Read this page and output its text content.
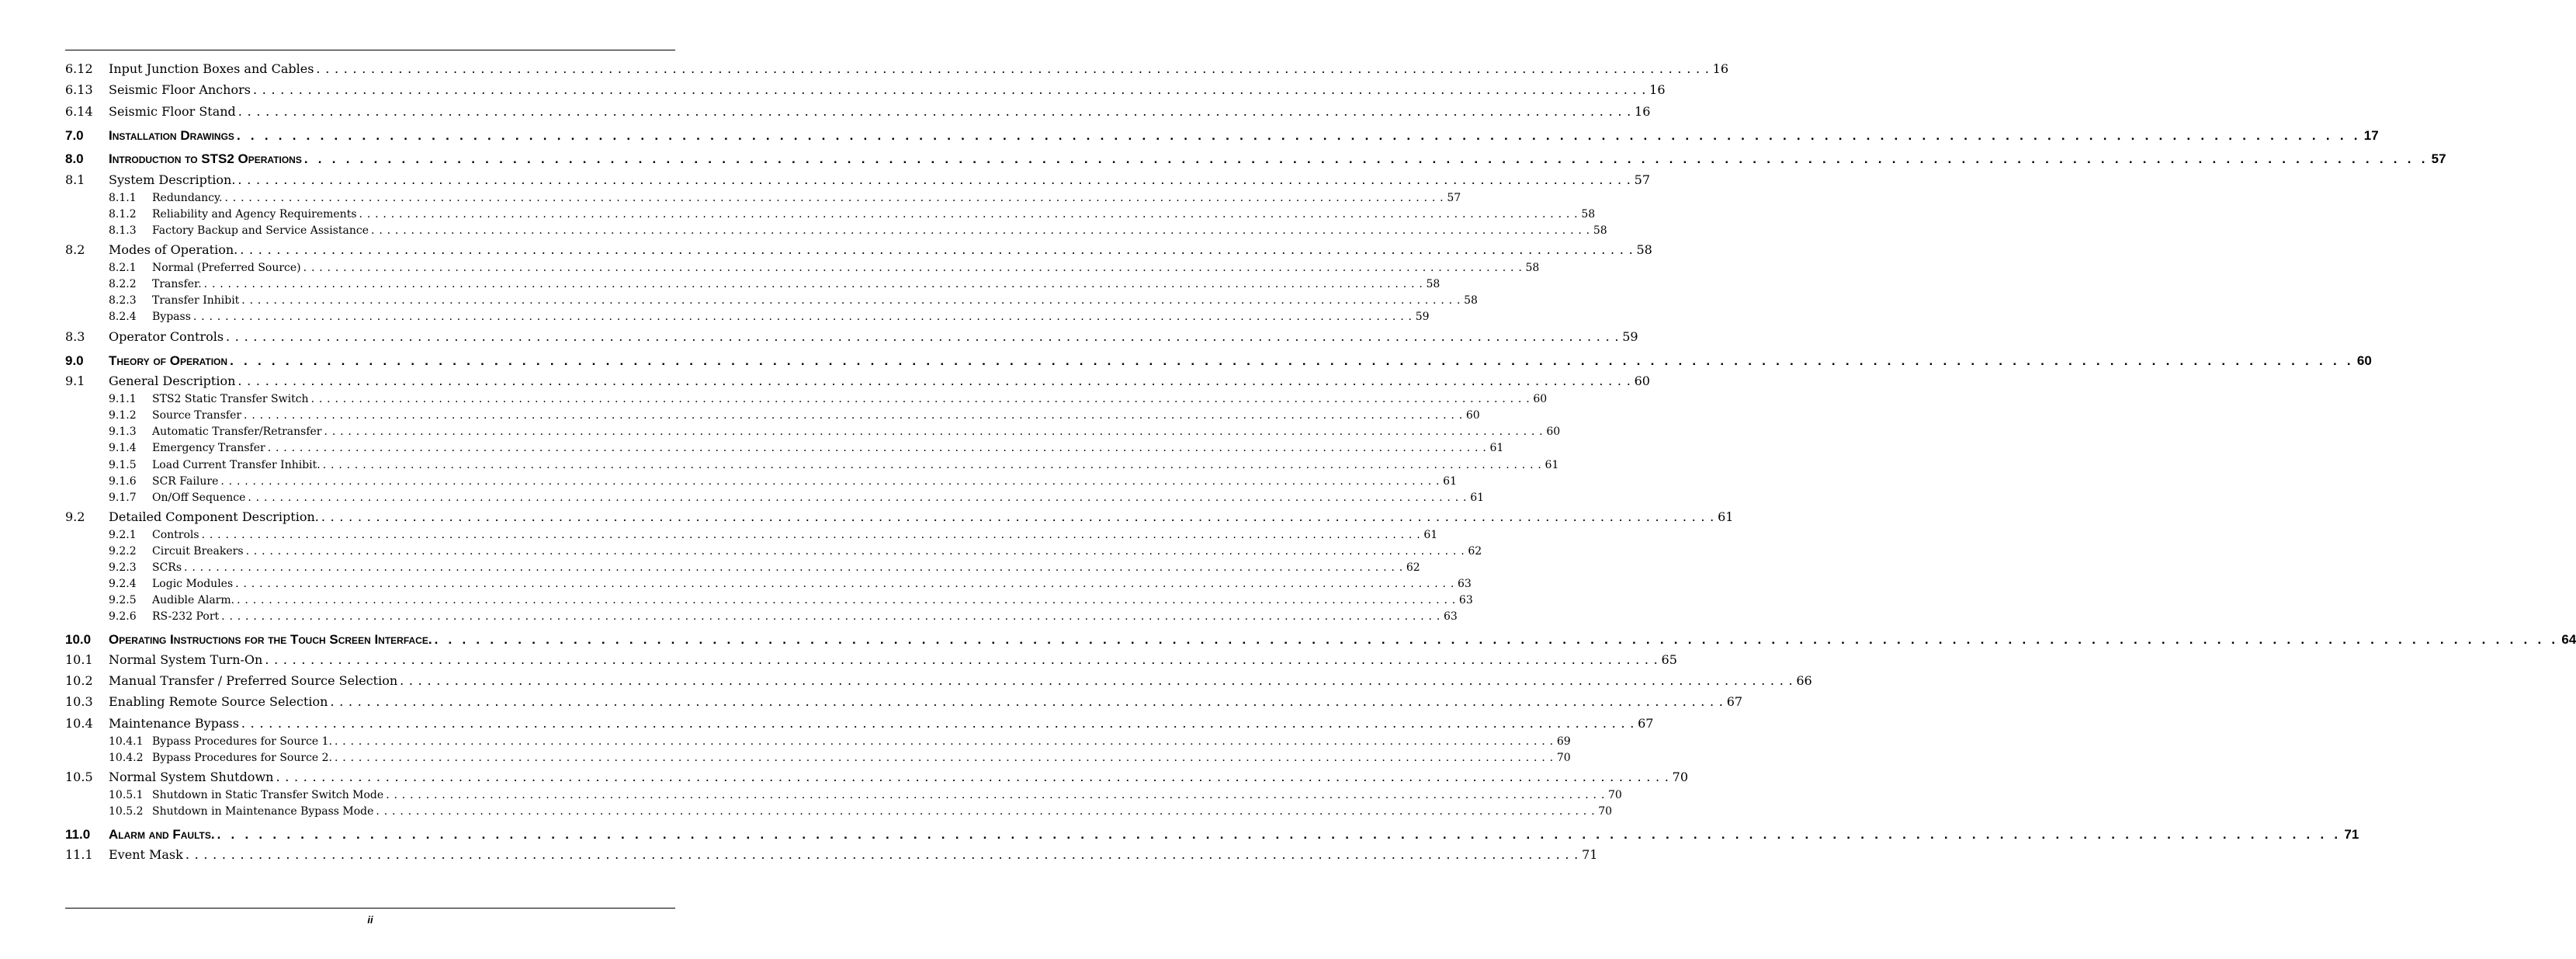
6.12 Input Junction Boxes and Cables . . . . . . . . . . . . . . . . . . . . . . . . . . . . . . . . . . . . . . . . . . . . . . . . . . . . . . . . . . . . . . . . . . . . . . . . . . . . . . . . . . . . . . . . . . . . . . . . . . . . . . . . . . . . . . . . . . . . . . . . . . . . . . . . . . . . . . . . . . . . . . . . . . . . . . . . . 16
6.13 Seismic Floor Anchors . . . . . . . . . . . . . . . . . . . . . . . . . . . . . . . . . . . . . . . . . . . . . . . . . . . . . . . . . . . . . . . . . . . . . . . . . . . . . . . . . . . . . . . . . . . . . . . . . . . . . . . . . . . . . . . . . . . . . . . . . . . . . . . . . . . . . . . . . . . . . . . . . . . . . . . . . 16
6.14 Seismic Floor Stand . . . . . . . . . . . . . . . . . . . . . . . . . . . . . . . . . . . . . . . . . . . . . . . . . . . . . . . . . . . . . . . . . . . . . . . . . . . . . . . . . . . . . . . . . . . . . . . . . . . . . . . . . . . . . . . . . . . . . . . . . . . . . . . . . . . . . . . . . . . . . . . . . . . . . . . . . 16
7.0 Installation Drawings . . . . . . . . . . . . . . . . . . . . . . . . . . . . . . . . . . . . . . . . . . . . . . . . . . . . . . . . . . . . . . . . . . . . . . . . . . . . . . . . . . . . . . . . . . . . . . . . . . . . . . . . . . . . . . . . . . . . . . . . . . . . . . . . . . . . . . . . . . . . . . . . . . . . . . . . . 17
8.0 Introduction to STS2 Operations . . . . . . . . . . . . . . . . . . . . . . . . . . . . . . . . . . . . . . . . . . . . . . . . . . . . . . . . . . . . . . . . . . . . . . . . . . . . . . . . . . . . . . . . . . . . . . . . . . . . . . . . . . . . . . . . . . . . . . . . . . . . . . . . . . . . . . . . . . . . . . . . . . . . . . . . . 57
8.1 System Description. . . . . . . . . . . . . . . . . . . . . . . . . . . . . . . . . . . . . . . . . . . . . . . . . . . . . . . . . . . . . . . . . . . . . . . . . . . . . . . . . . . . . . . . . . . . . . . . . . . . . . . . . . . . . . . . . . . . . . . . . . . . . . . . . . . . . . . . . . . . . . . . . . . . . . . . . . 57
8.1.1 Redundancy. . . . . . . . . . . . . . . . . . . . . . . . . . . . . . . . . . . . . . . . . . . . . . . . . . . . . . . . . . . . . . . . . . . . . . . . . . . . . . . . . . . . . . . . . . . . . . . . . . . . . . . . . . . . . . . . . . . . . . . . . . . . . . . . . . . . . . . . . . . . . . . . . . . . . . . . . . 57
8.1.2 Reliability and Agency Requirements . . . . . . . . . . . . . . . . . . . . . . . . . . . . . . . . . . . . . . . . . . . . . . . . . . . . . . . . . . . . . . . . . . . . . . . . . . . . . . . . . . . . . . . . . . . . . . . . . . . . . . . . . . . . . . . . . . . . . . . . . . . . . . . . . . . . . . . . . . . . . . . . . . . . . . . . . 58
8.1.3 Factory Backup and Service Assistance . . . . . . . . . . . . . . . . . . . . . . . . . . . . . . . . . . . . . . . . . . . . . . . . . . . . . . . . . . . . . . . . . . . . . . . . . . . . . . . . . . . . . . . . . . . . . . . . . . . . . . . . . . . . . . . . . . . . . . . . . . . . . . . . . . . . . . . . . . . . . . . . . . . . . . . . . 58
8.2 Modes of Operation. . . . . . . . . . . . . . . . . . . . . . . . . . . . . . . . . . . . . . . . . . . . . . . . . . . . . . . . . . . . . . . . . . . . . . . . . . . . . . . . . . . . . . . . . . . . . . . . . . . . . . . . . . . . . . . . . . . . . . . . . . . . . . . . . . . . . . . . . . . . . . . . . . . . . . . . . . 58
8.2.1 Normal (Preferred Source) . . . . . . . . . . . . . . . . . . . . . . . . . . . . . . . . . . . . . . . . . . . . . . . . . . . . . . . . . . . . . . . . . . . . . . . . . . . . . . . . . . . . . . . . . . . . . . . . . . . . . . . . . . . . . . . . . . . . . . . . . . . . . . . . . . . . . . . . . . . . . . . . . . . . . . . . . 58
8.2.2 Transfer. . . . . . . . . . . . . . . . . . . . . . . . . . . . . . . . . . . . . . . . . . . . . . . . . . . . . . . . . . . . . . . . . . . . . . . . . . . . . . . . . . . . . . . . . . . . . . . . . . . . . . . . . . . . . . . . . . . . . . . . . . . . . . . . . . . . . . . . . . . . . . . . . . . . . . . . . . 58
8.2.3 Transfer Inhibit . . . . . . . . . . . . . . . . . . . . . . . . . . . . . . . . . . . . . . . . . . . . . . . . . . . . . . . . . . . . . . . . . . . . . . . . . . . . . . . . . . . . . . . . . . . . . . . . . . . . . . . . . . . . . . . . . . . . . . . . . . . . . . . . . . . . . . . . . . . . . . . . . . . . . . . . . 58
8.2.4 Bypass . . . . . . . . . . . . . . . . . . . . . . . . . . . . . . . . . . . . . . . . . . . . . . . . . . . . . . . . . . . . . . . . . . . . . . . . . . . . . . . . . . . . . . . . . . . . . . . . . . . . . . . . . . . . . . . . . . . . . . . . . . . . . . . . . . . . . . . . . . . . . . . . . . . . . . . . . 59
8.3 Operator Controls . . . . . . . . . . . . . . . . . . . . . . . . . . . . . . . . . . . . . . . . . . . . . . . . . . . . . . . . . . . . . . . . . . . . . . . . . . . . . . . . . . . . . . . . . . . . . . . . . . . . . . . . . . . . . . . . . . . . . . . . . . . . . . . . . . . . . . . . . . . . . . . . . . . . . . . . . 59
9.0 Theory of Operation . . . . . . . . . . . . . . . . . . . . . . . . . . . . . . . . . . . . . . . . . . . . . . . . . . . . . . . . . . . . . . . . . . . . . . . . . . . . . . . . . . . . . . . . . . . . . . . . . . . . . . . . . . . . . . . . . . . . . . . . . . . . . . . . . . . . . . . . . . . . . . . . . . . . . . . . . 60
9.1 General Description . . . . . . . . . . . . . . . . . . . . . . . . . . . . . . . . . . . . . . . . . . . . . . . . . . . . . . . . . . . . . . . . . . . . . . . . . . . . . . . . . . . . . . . . . . . . . . . . . . . . . . . . . . . . . . . . . . . . . . . . . . . . . . . . . . . . . . . . . . . . . . . . . . . . . . . . . 60
9.1.1 STS2 Static Transfer Switch . . . . . . . . . . . . . . . . . . . . . . . . . . . . . . . . . . . . . . . . . . . . . . . . . . . . . . . . . . . . . . . . . . . . . . . . . . . . . . . . . . . . . . . . . . . . . . . . . . . . . . . . . . . . . . . . . . . . . . . . . . . . . . . . . . . . . . . . . . . . . . . . . . . . . . . . . 60
9.1.2 Source Transfer . . . . . . . . . . . . . . . . . . . . . . . . . . . . . . . . . . . . . . . . . . . . . . . . . . . . . . . . . . . . . . . . . . . . . . . . . . . . . . . . . . . . . . . . . . . . . . . . . . . . . . . . . . . . . . . . . . . . . . . . . . . . . . . . . . . . . . . . . . . . . . . . . . . . . . . . . 60
9.1.3 Automatic Transfer/Retransfer . . . . . . . . . . . . . . . . . . . . . . . . . . . . . . . . . . . . . . . . . . . . . . . . . . . . . . . . . . . . . . . . . . . . . . . . . . . . . . . . . . . . . . . . . . . . . . . . . . . . . . . . . . . . . . . . . . . . . . . . . . . . . . . . . . . . . . . . . . . . . . . . . . . . . . . . . 60
9.1.4 Emergency Transfer . . . . . . . . . . . . . . . . . . . . . . . . . . . . . . . . . . . . . . . . . . . . . . . . . . . . . . . . . . . . . . . . . . . . . . . . . . . . . . . . . . . . . . . . . . . . . . . . . . . . . . . . . . . . . . . . . . . . . . . . . . . . . . . . . . . . . . . . . . . . . . . . . . . . . . . . . 61
9.1.5 Load Current Transfer Inhibit. . . . . . . . . . . . . . . . . . . . . . . . . . . . . . . . . . . . . . . . . . . . . . . . . . . . . . . . . . . . . . . . . . . . . . . . . . . . . . . . . . . . . . . . . . . . . . . . . . . . . . . . . . . . . . . . . . . . . . . . . . . . . . . . . . . . . . . . . . . . . . . . . . . . . . . . . . 61
9.1.6 SCR Failure . . . . . . . . . . . . . . . . . . . . . . . . . . . . . . . . . . . . . . . . . . . . . . . . . . . . . . . . . . . . . . . . . . . . . . . . . . . . . . . . . . . . . . . . . . . . . . . . . . . . . . . . . . . . . . . . . . . . . . . . . . . . . . . . . . . . . . . . . . . . . . . . . . . . . . . . . 61
9.1.7 On/Off Sequence . . . . . . . . . . . . . . . . . . . . . . . . . . . . . . . . . . . . . . . . . . . . . . . . . . . . . . . . . . . . . . . . . . . . . . . . . . . . . . . . . . . . . . . . . . . . . . . . . . . . . . . . . . . . . . . . . . . . . . . . . . . . . . . . . . . . . . . . . . . . . . . . . . . . . . . . . 61
9.2 Detailed Component Description. . . . . . . . . . . . . . . . . . . . . . . . . . . . . . . . . . . . . . . . . . . . . . . . . . . . . . . . . . . . . . . . . . . . . . . . . . . . . . . . . . . . . . . . . . . . . . . . . . . . . . . . . . . . . . . . . . . . . . . . . . . . . . . . . . . . . . . . . . . . . . . . . . . . . . . . . . 61
9.2.1 Controls . . . . . . . . . . . . . . . . . . . . . . . . . . . . . . . . . . . . . . . . . . . . . . . . . . . . . . . . . . . . . . . . . . . . . . . . . . . . . . . . . . . . . . . . . . . . . . . . . . . . . . . . . . . . . . . . . . . . . . . . . . . . . . . . . . . . . . . . . . . . . . . . . . . . . . . . . 61
9.2.2 Circuit Breakers . . . . . . . . . . . . . . . . . . . . . . . . . . . . . . . . . . . . . . . . . . . . . . . . . . . . . . . . . . . . . . . . . . . . . . . . . . . . . . . . . . . . . . . . . . . . . . . . . . . . . . . . . . . . . . . . . . . . . . . . . . . . . . . . . . . . . . . . . . . . . . . . . . . . . . . . . 62
9.2.3 SCRs . . . . . . . . . . . . . . . . . . . . . . . . . . . . . . . . . . . . . . . . . . . . . . . . . . . . . . . . . . . . . . . . . . . . . . . . . . . . . . . . . . . . . . . . . . . . . . . . . . . . . . . . . . . . . . . . . . . . . . . . . . . . . . . . . . . . . . . . . . . . . . . . . . . . . . . . . 62
9.2.4 Logic Modules . . . . . . . . . . . . . . . . . . . . . . . . . . . . . . . . . . . . . . . . . . . . . . . . . . . . . . . . . . . . . . . . . . . . . . . . . . . . . . . . . . . . . . . . . . . . . . . . . . . . . . . . . . . . . . . . . . . . . . . . . . . . . . . . . . . . . . . . . . . . . . . . . . . . . . . . . 63
9.2.5 Audible Alarm. . . . . . . . . . . . . . . . . . . . . . . . . . . . . . . . . . . . . . . . . . . . . . . . . . . . . . . . . . . . . . . . . . . . . . . . . . . . . . . . . . . . . . . . . . . . . . . . . . . . . . . . . . . . . . . . . . . . . . . . . . . . . . . . . . . . . . . . . . . . . . . . . . . . . . . . . . 63
9.2.6 RS-232 Port . . . . . . . . . . . . . . . . . . . . . . . . . . . . . . . . . . . . . . . . . . . . . . . . . . . . . . . . . . . . . . . . . . . . . . . . . . . . . . . . . . . . . . . . . . . . . . . . . . . . . . . . . . . . . . . . . . . . . . . . . . . . . . . . . . . . . . . . . . . . . . . . . . . . . . . . . 63
10.0 Operating Instructions for the Touch Screen Interface. . . . . . . . . . . . . . . . . . . . . . . . . . . . . . . . . . . . . . . . . . . . . . . . . . . . . . . . . . . . . . . . . . . . . . . . . . . . . . . . . . . . . . . . . . . . . . . . . . . . . . . . . . . . . . . . . . . . . . . . . . . . . . . . . . . . . . . . . . . . . . . . . . . . . . . . . . 64
10.1 Normal System Turn-On . . . . . . . . . . . . . . . . . . . . . . . . . . . . . . . . . . . . . . . . . . . . . . . . . . . . . . . . . . . . . . . . . . . . . . . . . . . . . . . . . . . . . . . . . . . . . . . . . . . . . . . . . . . . . . . . . . . . . . . . . . . . . . . . . . . . . . . . . . . . . . . . . . . . . . . . . 65
10.2 Manual Transfer / Preferred Source Selection . . . . . . . . . . . . . . . . . . . . . . . . . . . . . . . . . . . . . . . . . . . . . . . . . . . . . . . . . . . . . . . . . . . . . . . . . . . . . . . . . . . . . . . . . . . . . . . . . . . . . . . . . . . . . . . . . . . . . . . . . . . . . . . . . . . . . . . . . . . . . . . . . . . . . . . . . 66
10.3 Enabling Remote Source Selection . . . . . . . . . . . . . . . . . . . . . . . . . . . . . . . . . . . . . . . . . . . . . . . . . . . . . . . . . . . . . . . . . . . . . . . . . . . . . . . . . . . . . . . . . . . . . . . . . . . . . . . . . . . . . . . . . . . . . . . . . . . . . . . . . . . . . . . . . . . . . . . . . . . . . . . . . 67
10.4 Maintenance Bypass . . . . . . . . . . . . . . . . . . . . . . . . . . . . . . . . . . . . . . . . . . . . . . . . . . . . . . . . . . . . . . . . . . . . . . . . . . . . . . . . . . . . . . . . . . . . . . . . . . . . . . . . . . . . . . . . . . . . . . . . . . . . . . . . . . . . . . . . . . . . . . . . . . . . . . . . . 67
10.4.1 Bypass Procedures for Source 1. . . . . . . . . . . . . . . . . . . . . . . . . . . . . . . . . . . . . . . . . . . . . . . . . . . . . . . . . . . . . . . . . . . . . . . . . . . . . . . . . . . . . . . . . . . . . . . . . . . . . . . . . . . . . . . . . . . . . . . . . . . . . . . . . . . . . . . . . . . . . . . . . . . . . . . . . . 69
10.4.2 Bypass Procedures for Source 2. . . . . . . . . . . . . . . . . . . . . . . . . . . . . . . . . . . . . . . . . . . . . . . . . . . . . . . . . . . . . . . . . . . . . . . . . . . . . . . . . . . . . . . . . . . . . . . . . . . . . . . . . . . . . . . . . . . . . . . . . . . . . . . . . . . . . . . . . . . . . . . . . . . . . . . . . . 70
10.5 Normal System Shutdown . . . . . . . . . . . . . . . . . . . . . . . . . . . . . . . . . . . . . . . . . . . . . . . . . . . . . . . . . . . . . . . . . . . . . . . . . . . . . . . . . . . . . . . . . . . . . . . . . . . . . . . . . . . . . . . . . . . . . . . . . . . . . . . . . . . . . . . . . . . . . . . . . . . . . . . . . 70
10.5.1 Shutdown in Static Transfer Switch Mode . . . . . . . . . . . . . . . . . . . . . . . . . . . . . . . . . . . . . . . . . . . . . . . . . . . . . . . . . . . . . . . . . . . . . . . . . . . . . . . . . . . . . . . . . . . . . . . . . . . . . . . . . . . . . . . . . . . . . . . . . . . . . . . . . . . . . . . . . . . . . . . . . . . . . . . . . 70
10.5.2 Shutdown in Maintenance Bypass Mode . . . . . . . . . . . . . . . . . . . . . . . . . . . . . . . . . . . . . . . . . . . . . . . . . . . . . . . . . . . . . . . . . . . . . . . . . . . . . . . . . . . . . . . . . . . . . . . . . . . . . . . . . . . . . . . . . . . . . . . . . . . . . . . . . . . . . . . . . . . . . . . . . . . . . . . . . 70
11.0 Alarm and Faults. . . . . . . . . . . . . . . . . . . . . . . . . . . . . . . . . . . . . . . . . . . . . . . . . . . . . . . . . . . . . . . . . . . . . . . . . . . . . . . . . . . . . . . . . . . . . . . . . . . . . . . . . . . . . . . . . . . . . . . . . . . . . . . . . . . . . . . . . . . . . . . . . . . . . . . . . . 71
11.1 Event Mask . . . . . . . . . . . . . . . . . . . . . . . . . . . . . . . . . . . . . . . . . . . . . . . . . . . . . . . . . . . . . . . . . . . . . . . . . . . . . . . . . . . . . . . . . . . . . . . . . . . . . . . . . . . . . . . . . . . . . . . . . . . . . . . . . . . . . . . . . . . . . . . . . . . . . . . . . 71
ii
